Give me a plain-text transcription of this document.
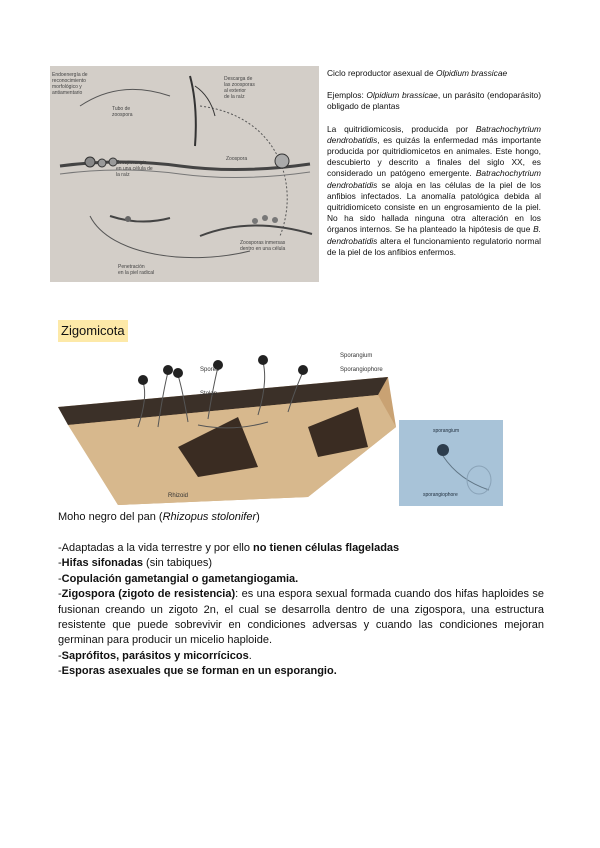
Endoenergía de
reconocimiento
morfológico y
antiamentario
Tubo de
zoospora
Descarga de
las zoosporas
al exterior
de la raíz
Zoosporangio
en una célula de
la raíz
Zoospora
Penetración
en la piel radical
Zoosporas inmersas
dentro en una célula

Ciclo reproductor asexual de Olpidium brassicae

Ejemplos: Olpidium brassicae, un parásito (endoparásito) obligado de plantas

La quitridiomicosis, producida por Batrachochytrium dendrobatidis, es quizás la enfermedad más importante producida por quitridiomicetos en animales. Este hongo, descubierto y descrito a finales del siglo XX, es considerado un patógeno emergente. Batrachochytrium dendrobatidis se aloja en las células de la piel de los anfibios infectados. La anomalía patológica debida al quitridiomiceto consiste en un engrosamiento de la piel. No ha sido hallada ninguna otra alteración en los órganos internos. Se ha planteado la hipótesis de que B. dendrobatidis altera el funcionamiento regulatorio normal de la piel de los anfibios enfermos.

Zigomicota
Sporangium
Sporangiophore
Spores
Stolon
Rhizoid
sporangium
sporangiophore
Moho negro del pan (Rhizopus stolonifer)

-Adaptadas a la vida terrestre y por ello no tienen células flageladas

-Hifas sifonadas (sin tabiques)

-Copulación gametangial o gametangiogamia.

-Zigospora (zigoto de resistencia): es una espora sexual formada cuando dos hifas haploides se fusionan creando un zigoto 2n, el cual se desarrolla dentro de una zigospora, una estructura resistente que puede sobrevivir en condiciones adversas y cuando las condiciones mejoran germinan para producir un micelio haploide.

-Saprófitos, parásitos y micorrícicos.

-Esporas asexuales que se forman en un esporangio.
